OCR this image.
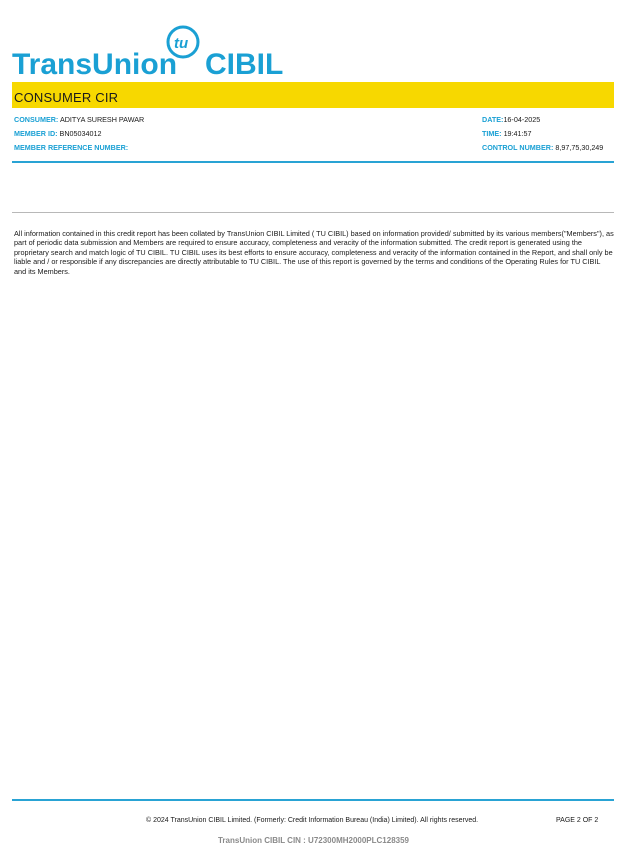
TransUnion
tu
CIBIL
CONSUMER CIR
CONSUMER: ADITYA SURESH PAWAR
MEMBER ID: BN05034012
MEMBER REFERENCE NUMBER:
DATE:16-04-2025
TIME: 19:41:57
CONTROL NUMBER: 8,97,75,30,249
All information contained in this credit report has been collated by TransUnion CIBIL Limited ( TU CIBIL) based on information provided/ submitted by its various members("Members"), as part of periodic data submission and Members are required to ensure accuracy, completeness and veracity of the information submitted. The credit report is generated using the proprietary search and match logic of TU CIBIL. TU CIBIL uses its best efforts to ensure accuracy, completeness and veracity of the information contained in the Report, and shall only be liable and / or responsible if any discrepancies are directly attributable to TU CIBIL. The use of this report is governed by the terms and conditions of the Operating Rules for TU CIBIL and its Members.
© 2024 TransUnion CIBIL Limited. (Formerly: Credit Information Bureau (India) Limited). All rights reserved.	PAGE 2 OF 2
TransUnion CIBIL CIN : U72300MH2000PLC128359
